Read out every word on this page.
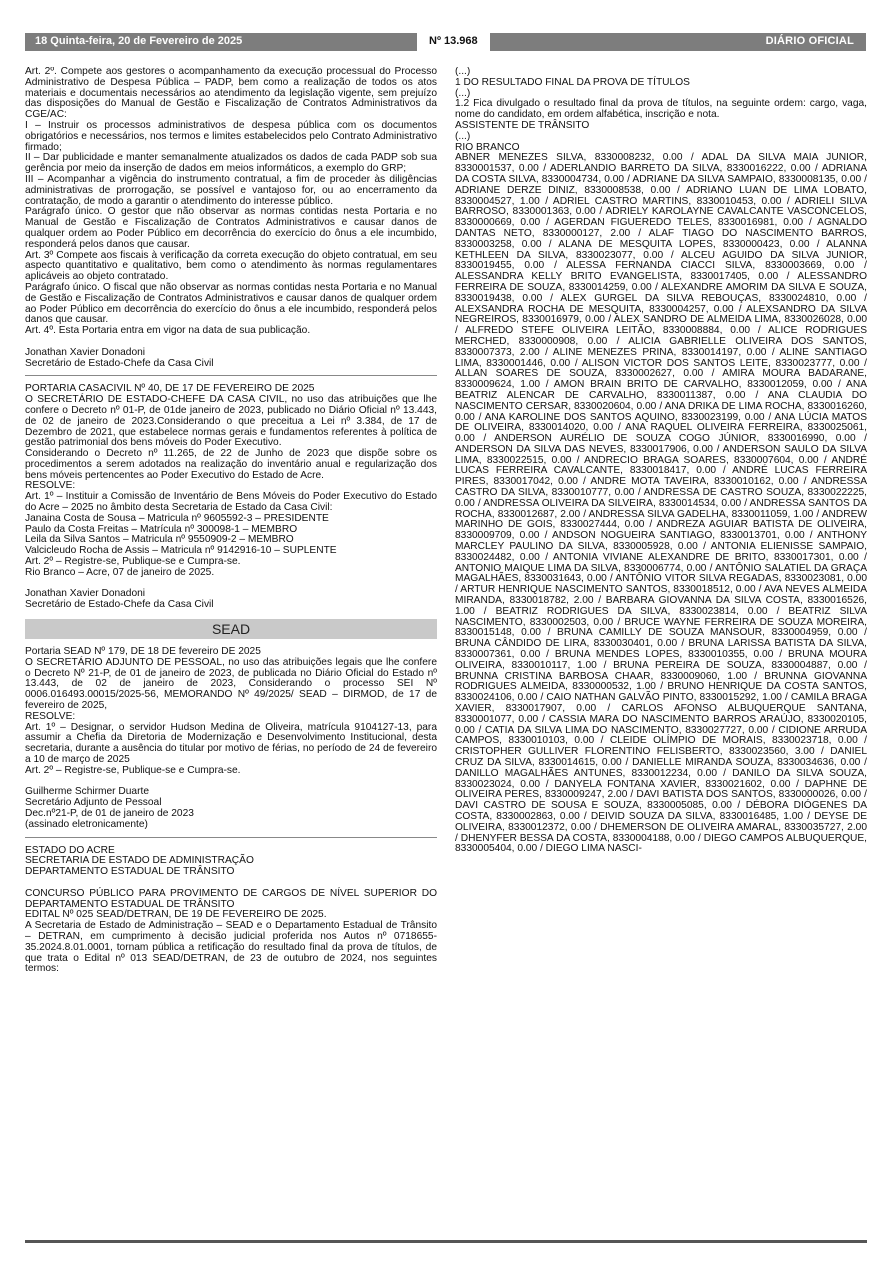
18 Quinta-feira, 20 de Fevereiro de 2025	Nº 13.968	DIÁRIO OFICIAL

Art. 2º. Compete aos gestores o acompanhamento da execução processual do Processo Administrativo de Despesa Pública – PADP, bem como a realização de todos os atos materiais e documentais necessários ao atendimento da legislação vigente, sem prejuízo das disposições do Manual de Gestão e Fiscalização de Contratos Administrativos da CGE/AC:

I – Instruir os processos administrativos de despesa pública com os documentos obrigatórios e necessários, nos termos e limites estabelecidos pelo Contrato Administrativo firmado;

II – Dar publicidade e manter semanalmente atualizados os dados de cada PADP sob sua gerência por meio da inserção de dados em meios informáticos, a exemplo do GRP;

III – Acompanhar a vigência do instrumento contratual, a fim de proceder às diligências administrativas de prorrogação, se possível e vantajoso for, ou ao encerramento da contratação, de modo a garantir o atendimento do interesse público.

Parágrafo único. O gestor que não observar as normas contidas nesta Portaria e no Manual de Gestão e Fiscalização de Contratos Administrativos e causar danos de qualquer ordem ao Poder Público em decorrência do exercício do ônus a ele incumbido, responderá pelos danos que causar.

Art. 3º Compete aos fiscais à verificação da correta execução do objeto contratual, em seu aspecto quantitativo e qualitativo, bem como o atendimento às normas regulamentares aplicáveis ao objeto contratado.

Parágrafo único. O fiscal que não observar as normas contidas nesta Portaria e no Manual de Gestão e Fiscalização de Contratos Administrativos e causar danos de qualquer ordem ao Poder Público em decorrência do exercício do ônus a ele incumbido, responderá pelos danos que causar.

Art. 4º. Esta Portaria entra em vigor na data de sua publicação.

Jonathan Xavier Donadoni

Secretário de Estado-Chefe da Casa Civil

PORTARIA CASACIVIL Nº 40, DE 17 DE FEVEREIRO DE 2025

O SECRETÁRIO DE ESTADO-CHEFE DA CASA CIVIL, no uso das atribuições que lhe confere o Decreto nº 01-P, de 01de janeiro de 2023, publicado no Diário Oficial nº 13.443, de 02 de janeiro de 2023.Considerando o que preceitua a Lei nº 3.384, de 17 de Dezembro de 2021, que estabelece normas gerais e fundamentos referentes à política de gestão patrimonial dos bens móveis do Poder Executivo.

Considerando o Decreto nº 11.265, de 22 de Junho de 2023 que dispõe sobre os procedimentos a serem adotados na realização do inventário anual e regularização dos bens móveis pertencentes ao Poder Executivo do Estado de Acre.

RESOLVE:

Art. 1º – Instituir a Comissão de Inventário de Bens Móveis do Poder Executivo do Estado do Acre – 2025 no âmbito desta Secretaria de Estado da Casa Civil:

Janaina Costa de Sousa – Matricula nº 9605592-3 – PRESIDENTE

Paulo da Costa Freitas – Matrícula nº 300098-1 – MEMBRO

Leila da Silva Santos – Matricula nº 9550909-2 – MEMBRO

Valcicleudo Rocha de Assis – Matricula nº 9142916-10 – SUPLENTE

Art. 2º – Registre-se, Publique-se e Cumpra-se.

Rio Branco – Acre, 07 de janeiro de 2025.

Jonathan Xavier Donadoni

Secretário de Estado-Chefe da Casa Civil

SEAD

Portaria SEAD Nº 179, DE 18 DE fevereiro DE 2025

O SECRETÁRIO ADJUNTO DE PESSOAL, no uso das atribuições legais que lhe confere o Decreto Nº 21-P, de 01 de janeiro de 2023, de publicada no Diário Oficial do Estado nº 13.443, de 02 de janeiro de 2023, Considerando o processo SEI Nº 0006.016493.00015/2025-56, MEMORANDO Nº 49/2025/ SEAD – DIRMOD, de 17 de fevereiro de 2025,

RESOLVE:

Art. 1º – Designar, o servidor Hudson Medina de Oliveira, matrícula 9104127-13, para assumir a Chefia da Diretoria de Modernização e Desenvolvimento Institucional, desta secretaria, durante a ausência do titular por motivo de férias, no período de 24 de fevereiro a 10 de março de 2025

Art. 2º – Registre-se, Publique-se e Cumpra-se.

Guilherme Schirmer Duarte

Secretário Adjunto de Pessoal

Dec.nº21-P, de 01 de janeiro de 2023

(assinado eletronicamente)

ESTADO DO ACRE

SECRETARIA DE ESTADO DE ADMINISTRAÇÃO

DEPARTAMENTO ESTADUAL DE TRÂNSITO

CONCURSO PÚBLICO PARA PROVIMENTO DE CARGOS DE NÍVEL SUPERIOR DO DEPARTAMENTO ESTADUAL DE TRÂNSITO

EDITAL Nº 025 SEAD/DETRAN, DE 19 DE FEVEREIRO DE 2025.

A Secretaria de Estado de Administração – SEAD e o Departamento Estadual de Trânsito – DETRAN, em cumprimento à decisão judicial proferida nos Autos nº 0718655-35.2024.8.01.0001, tornam pública a retificação do resultado final da prova de títulos, de que trata o Edital nº 013 SEAD/DETRAN, de 23 de outubro de 2024, nos seguintes termos:

(...)

1 DO RESULTADO FINAL DA PROVA DE TÍTULOS

(...)

1.2 Fica divulgado o resultado final da prova de títulos, na seguinte ordem: cargo, vaga, nome do candidato, em ordem alfabética, inscrição e nota.

ASSISTENTE DE TRÂNSITO

(...)

RIO BRANCO

ABNER MENEZES SILVA, 8330008232, 0.00 / ADAL DA SILVA MAIA JUNIOR, 8330001537, 0.00 / ADERLANDIO BARRETO DA SILVA, 8330016222, 0.00 / ADRIANA DA COSTA SILVA, 8330004734, 0.00 / ADRIANE DA SILVA SAMPAIO, 8330008135, 0.00 / ADRIANE DERZE DINIZ, 8330008538, 0.00 / ADRIANO LUAN DE LIMA LOBATO, 8330004527, 1.00 / ADRIEL CASTRO MARTINS, 8330010453, 0.00 / ADRIELI SILVA BARROSO, 8330001363, 0.00 / ADRIELY KAROLAYNE CAVALCANTE VASCONCELOS, 8330000669, 0.00 / AGERDAN FIGUEREDO TELES, 8330016981, 0.00 / AGNALDO DANTAS NETO, 8330000127, 2.00 / ALAF TIAGO DO NASCIMENTO BARROS, 8330003258, 0.00 / ALANA DE MESQUITA LOPES, 8330000423, 0.00 / ALANNA KETHLEEN DA SILVA, 8330023077, 0.00 / ALCEU AGUIDO DA SILVA JUNIOR, 8330019455, 0.00 / ALESSA FERNANDA CIACCI SILVA, 8330003669, 0.00 / ALESSANDRA KELLY BRITO EVANGELISTA, 8330017405, 0.00 / ALESSANDRO FERREIRA DE SOUZA, 8330014259, 0.00 / ALEXANDRE AMORIM DA SILVA E SOUZA, 8330019438, 0.00 / ALEX GURGEL DA SILVA REBOUÇAS, 8330024810, 0.00 / ALEXSANDRA ROCHA DE MESQUITA, 8330004257, 0.00 / ALEXSANDRO DA SILVA NEGREIROS, 8330016979, 0.00 / ALEX SANDRO DE ALMEIDA LIMA, 8330026028, 0.00 / ALFREDO STEFE OLIVEIRA LEITÃO, 8330008884, 0.00 / ALICE RODRIGUES MERCHED, 8330000908, 0.00 / ALICIA GABRIELLE OLIVEIRA DOS SANTOS, 8330007373, 2.00 / ALINE MENEZES PRINA, 8330014197, 0.00 / ALINE SANTIAGO LIMA, 8330001446, 0.00 / ALISON VICTOR DOS SANTOS LEITE, 8330023777, 0.00 / ALLAN SOARES DE SOUZA, 8330002627, 0.00 / AMIRA MOURA BADARANE, 8330009624, 1.00 / AMON BRAIN BRITO DE CARVALHO, 8330012059, 0.00 / ANA BEATRIZ ALENCAR DE CARVALHO, 8330011387, 0.00 / ANA CLAUDIA DO NASCIMENTO CERSAR, 8330020604, 0.00 / ANA DRIKA DE LIMA ROCHA, 8330016260, 0.00 / ANA KAROLINE DOS SANTOS AQUINO, 8330023199, 0.00 / ANA LÚCIA MATOS DE OLIVEIRA, 8330014020, 0.00 / ANA RAQUEL OLIVEIRA FERREIRA, 8330025061, 0.00 / ANDERSON AURÉLIO DE SOUZA COGO JÚNIOR, 8330016990, 0.00 / ANDERSON DA SILVA DAS NEVES, 8330017906, 0.00 / ANDERSON SAULO DA SILVA LIMA, 8330022515, 0.00 / ANDRECIO BRAGA SOARES, 8330007604, 0.00 / ANDRÉ LUCAS FERREIRA CAVALCANTE, 8330018417, 0.00 / ANDRÉ LUCAS FERREIRA PIRES, 8330017042, 0.00 / ANDRE MOTA TAVEIRA, 8330010162, 0.00 / ANDRESSA CASTRO DA SILVA, 8330010777, 0.00 / ANDRESSA DE CASTRO SOUZA, 8330022225, 0.00 / ANDRESSA OLIVEIRA DA SILVEIRA, 8330014534, 0.00 / ANDRESSA SANTOS DA ROCHA, 8330012687, 2.00 / ANDRESSA SILVA GADELHA, 8330011059, 1.00 / ANDREW MARINHO DE GOIS, 8330027444, 0.00 / ANDREZA AGUIAR BATISTA DE OLIVEIRA, 8330009709, 0.00 / ANDSON NOGUEIRA SANTIAGO, 8330013701, 0.00 / ANTHONY MARCLEY PAULINO DA SILVA, 8330005928, 0.00 / ANTONIA ELIENISSE SAMPAIO, 8330024482, 0.00 / ANTONIA VIVIANE ALEXANDRE DE BRITO, 8330017301, 0.00 / ANTONIO MAIQUE LIMA DA SILVA, 8330006774, 0.00 / ANTÔNIO SALATIEL DA GRAÇA MAGALHÃES, 8330031643, 0.00 / ANTÔNIO VITOR SILVA REGADAS, 8330023081, 0.00 / ARTUR HENRIQUE NASCIMENTO SANTOS, 8330018512, 0.00 / AVA NEVES ALMEIDA MIRANDA, 8330018782, 2.00 / BARBARA GIOVANNA DA SILVA COSTA, 8330016526, 1.00 / BEATRIZ RODRIGUES DA SILVA, 8330023814, 0.00 / BEATRIZ SILVA NASCIMENTO, 8330002503, 0.00 / BRUCE WAYNE FERREIRA DE SOUZA MOREIRA, 8330015148, 0.00 / BRUNA CAMILLY DE SOUZA MANSOUR, 8330004959, 0.00 / BRUNA CÂNDIDO DE LIRA, 8330030401, 0.00 / BRUNA LARISSA BATISTA DA SILVA, 8330007361, 0.00 / BRUNA MENDES LOPES, 8330010355, 0.00 / BRUNA MOURA OLIVEIRA, 8330010117, 1.00 / BRUNA PEREIRA DE SOUZA, 8330004887, 0.00 / BRUNNA CRISTINA BARBOSA CHAAR, 8330009060, 1.00 / BRUNNA GIOVANNA RODRIGUES ALMEIDA, 8330000532, 1.00 / BRUNO HENRIQUE DA COSTA SANTOS, 8330024106, 0.00 / CAIO NATHAN GALVÃO PINTO, 8330015292, 1.00 / CAMILA BRAGA XAVIER, 8330017907, 0.00 / CARLOS AFONSO ALBUQUERQUE SANTANA, 8330001077, 0.00 / CASSIA MARA DO NASCIMENTO BARROS ARAÚJO, 8330020105, 0.00 / CATIA DA SILVA LIMA DO NASCIMENTO, 8330027727, 0.00 / CIDIONE ARRUDA CAMPOS, 8330010103, 0.00 / CLEIDE OLÍMPIO DE MORAIS, 8330023718, 0.00 / CRISTOPHER GULLIVER FLORENTINO FELISBERTO, 8330023560, 3.00 / DANIEL CRUZ DA SILVA, 8330014615, 0.00 / DANIELLE MIRANDA SOUZA, 8330034636, 0.00 / DANILLO MAGALHÃES ANTUNES, 8330012234, 0.00 / DANILO DA SILVA SOUZA, 8330023024, 0.00 / DANYELA FONTANA XAVIER, 8330021602, 0.00 / DAPHNE DE OLIVEIRA PERES, 8330009247, 2.00 / DAVI BATISTA DOS SANTOS, 8330000026, 0.00 / DAVI CASTRO DE SOUSA E SOUZA, 8330005085, 0.00 / DÉBORA DIÓGENES DA COSTA, 8330002863, 0.00 / DEIVID SOUZA DA SILVA, 8330016485, 1.00 / DEYSE DE OLIVEIRA, 8330012372, 0.00 / DHEMERSON DE OLIVEIRA AMARAL, 8330035727, 2.00 / DHENYFER BESSA DA COSTA, 8330004188, 0.00 / DIEGO CAMPOS ALBUQUERQUE, 8330005404, 0.00 / DIEGO LIMA NASCI-
